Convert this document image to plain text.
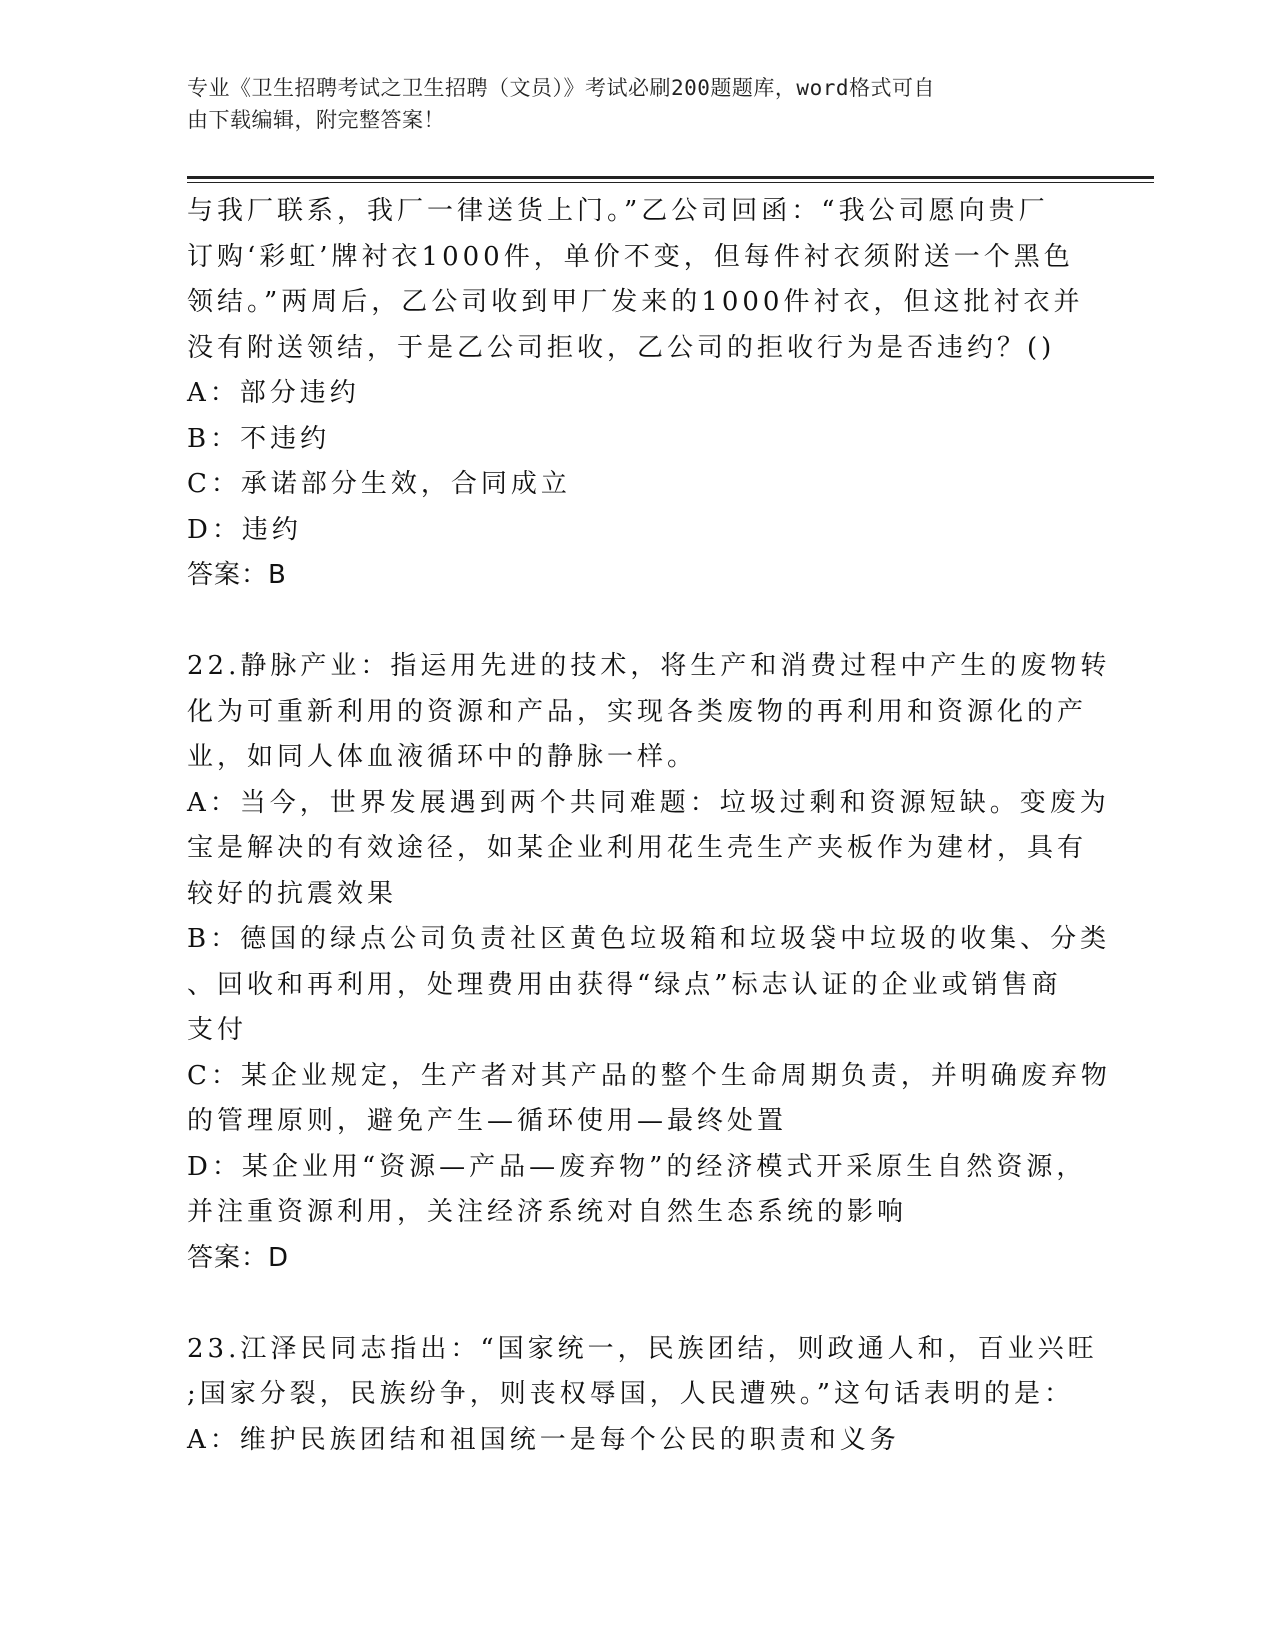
专业《卫生招聘考试之卫生招聘（文员）》考试必刷200题题库，word格式可自
由下载编辑，附完整答案！
与我厂联系，我厂一律送货上门。”乙公司回函：“我公司愿向贵厂
订购‘彩虹’牌衬衣1000件，单价不变，但每件衬衣须附送一个黑色
领结。”两周后，乙公司收到甲厂发来的1000件衬衣，但这批衬衣并
没有附送领结，于是乙公司拒收，乙公司的拒收行为是否违约？()
A：部分违约
B：不违约
C：承诺部分生效，合同成立
D：违约
答案：B
22.静脉产业：指运用先进的技术，将生产和消费过程中产生的废物转
化为可重新利用的资源和产品，实现各类废物的再利用和资源化的产
业，如同人体血液循环中的静脉一样。
A：当今，世界发展遇到两个共同难题：垃圾过剩和资源短缺。变废为
宝是解决的有效途径，如某企业利用花生壳生产夹板作为建材，具有
较好的抗震效果
B：德国的绿点公司负责社区黄色垃圾箱和垃圾袋中垃圾的收集、分类
、回收和再利用，处理费用由获得“绿点”标志认证的企业或销售商
支付
C：某企业规定，生产者对其产品的整个生命周期负责，并明确废弃物
的管理原则，避免产生—循环使用—最终处置
D：某企业用“资源—产品—废弃物”的经济模式开采原生自然资源，
并注重资源利用，关注经济系统对自然生态系统的影响
答案：D
23.江泽民同志指出：“国家统一，民族团结，则政通人和，百业兴旺
;国家分裂，民族纷争，则丧权辱国，人民遭殃。”这句话表明的是：
A：维护民族团结和祖国统一是每个公民的职责和义务
